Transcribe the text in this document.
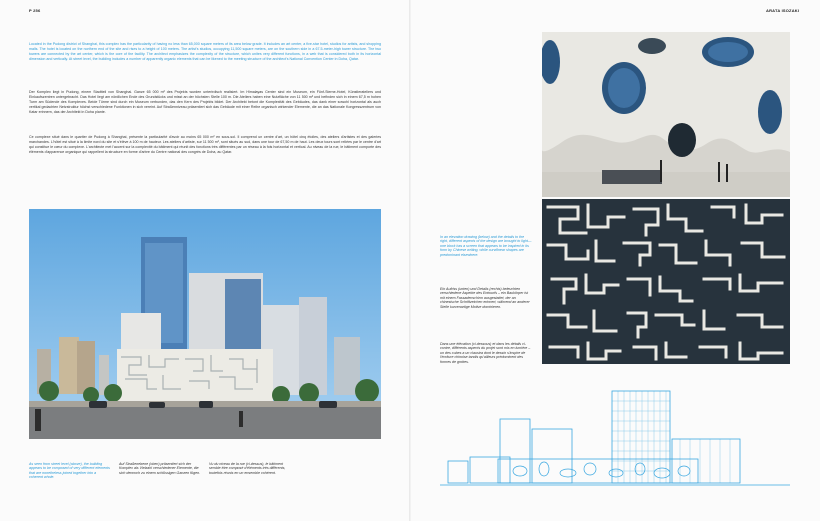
P 256	ARATA ISOZAKI

Located in the Pudong district of Shanghai, this complex has the particularity of having no less than 65,000 square meters of its area below grade. It includes an art center, a five-star hotel, studios for artists, and shopping malls. The hotel is located on the northern end of the site and rises to a height of 100 meters. The artist's studios, occupying 11,500 square meters, are on the southern side in a 67.5-meter-high tower structure. The two towers are connected by the art center, which is the core of the facility. The architect emphasizes the complexity of the structure, which unites very different functions, in a web that is considered both in its horizontal dimension and vertically. At street level, the building includes a number of apparently organic elements that can be likened to the meeting structure of the architect's National Convention Center in Doha, Qatar.

Der Komplex liegt in Pudong, einem Stadtteil von Shanghai. Ganze 65 000 m² des Projekts wurden unterirdisch realisiert. Im Himalayas Center sind ein Museum, ein Fünf-Sterne-Hotel, Künstlerateliers und Einkaufszentren untergebracht. Das Hotel liegt am nördlichen Ende des Grundstücks und misst an der höchsten Stelle 100 m. Die Ateliers haben eine Nutzfläche von 11 500 m² und befinden sich in einem 67,5 m hohen Turm am Südende des Komplexes. Beide Türme sind durch ein Museum verbunden, das den Kern des Projekts bildet. Der Architekt betont die Komplexität des Gebäudes, das dank einer sowohl horizontal als auch vertikal gedachten Netzstruktur höchst verschiedene Funktionen in sich vereint. Auf Straßenniveau präsentiert sich das Gebäude mit einer Reihe organisch wirkender Elemente, die an das Nationale Kongresszentrum von Katar erinnern, das der Architekt in Doha plante.

Ce complexe situé dans le quartier de Pudong à Shanghai, présente la particularité d'avoir au moins 65 000 m² en sous-sol. Il comprend un centre d'art, un hôtel cinq étoiles, des ateliers d'artistes et des galeries marchandes. L'hôtel est situé à la limite nord du site et s'élève à 100 m de hauteur. Les ateliers d'artiste, sur 11 500 m², sont situés au sud, dans une tour de 67,50 m de haut. Les deux tours sont reliées par le centre d'art qui constitue le cœur du complexe. L'architecte met l'accent sur la complexité du bâtiment qui réunit des fonctions très différentes par un réseau à la fois horizontal et vertical. Au niveau de la rue, le bâtiment comporte des éléments d'apparence organique qui rappellent la structure en forme d'arbre du Centre national des congrès de Doha, au Qatar.

As seen from street level (above), the building appears to be composed of very different elements that are nonetheless joined together into a coherent whole.

Auf Straßenebene (oben) präsentiert sich der Komplex als Vielzahl verschiedener Elemente, die sich dennoch zu einem schlüssigen Ganzen fügen.

Vu du niveau de la rue (ci-dessus), le bâtiment semble être composé d'éléments très différents, toutefois réunis en un ensemble cohérent.

In an elevation drawing (below) and the details to the right, different aspects of the design are brought to light—one block has a screen that appears to be inspired in its form by Chinese writing, while curvilinear shapes are predominant elsewhere.

Ein Aufriss (unten) und Details (rechts) beleuchten verschiedene Aspekte des Entwurfs – ein Baukörper ist mit einem Fassadenschirm ausgestattet, der an chinesische Schriftzeichen erinnert, während an anderer Stelle kurvenartige Motive dominieren.

Dans une élévation (ci-dessous) et dans les détails ci-contre, différents aspects du projet sont mis en lumière – un des cubes a un claustra dont le dessin s'inspire de l'écriture chinoise tandis qu'ailleurs prédominent des formes de grottes.
